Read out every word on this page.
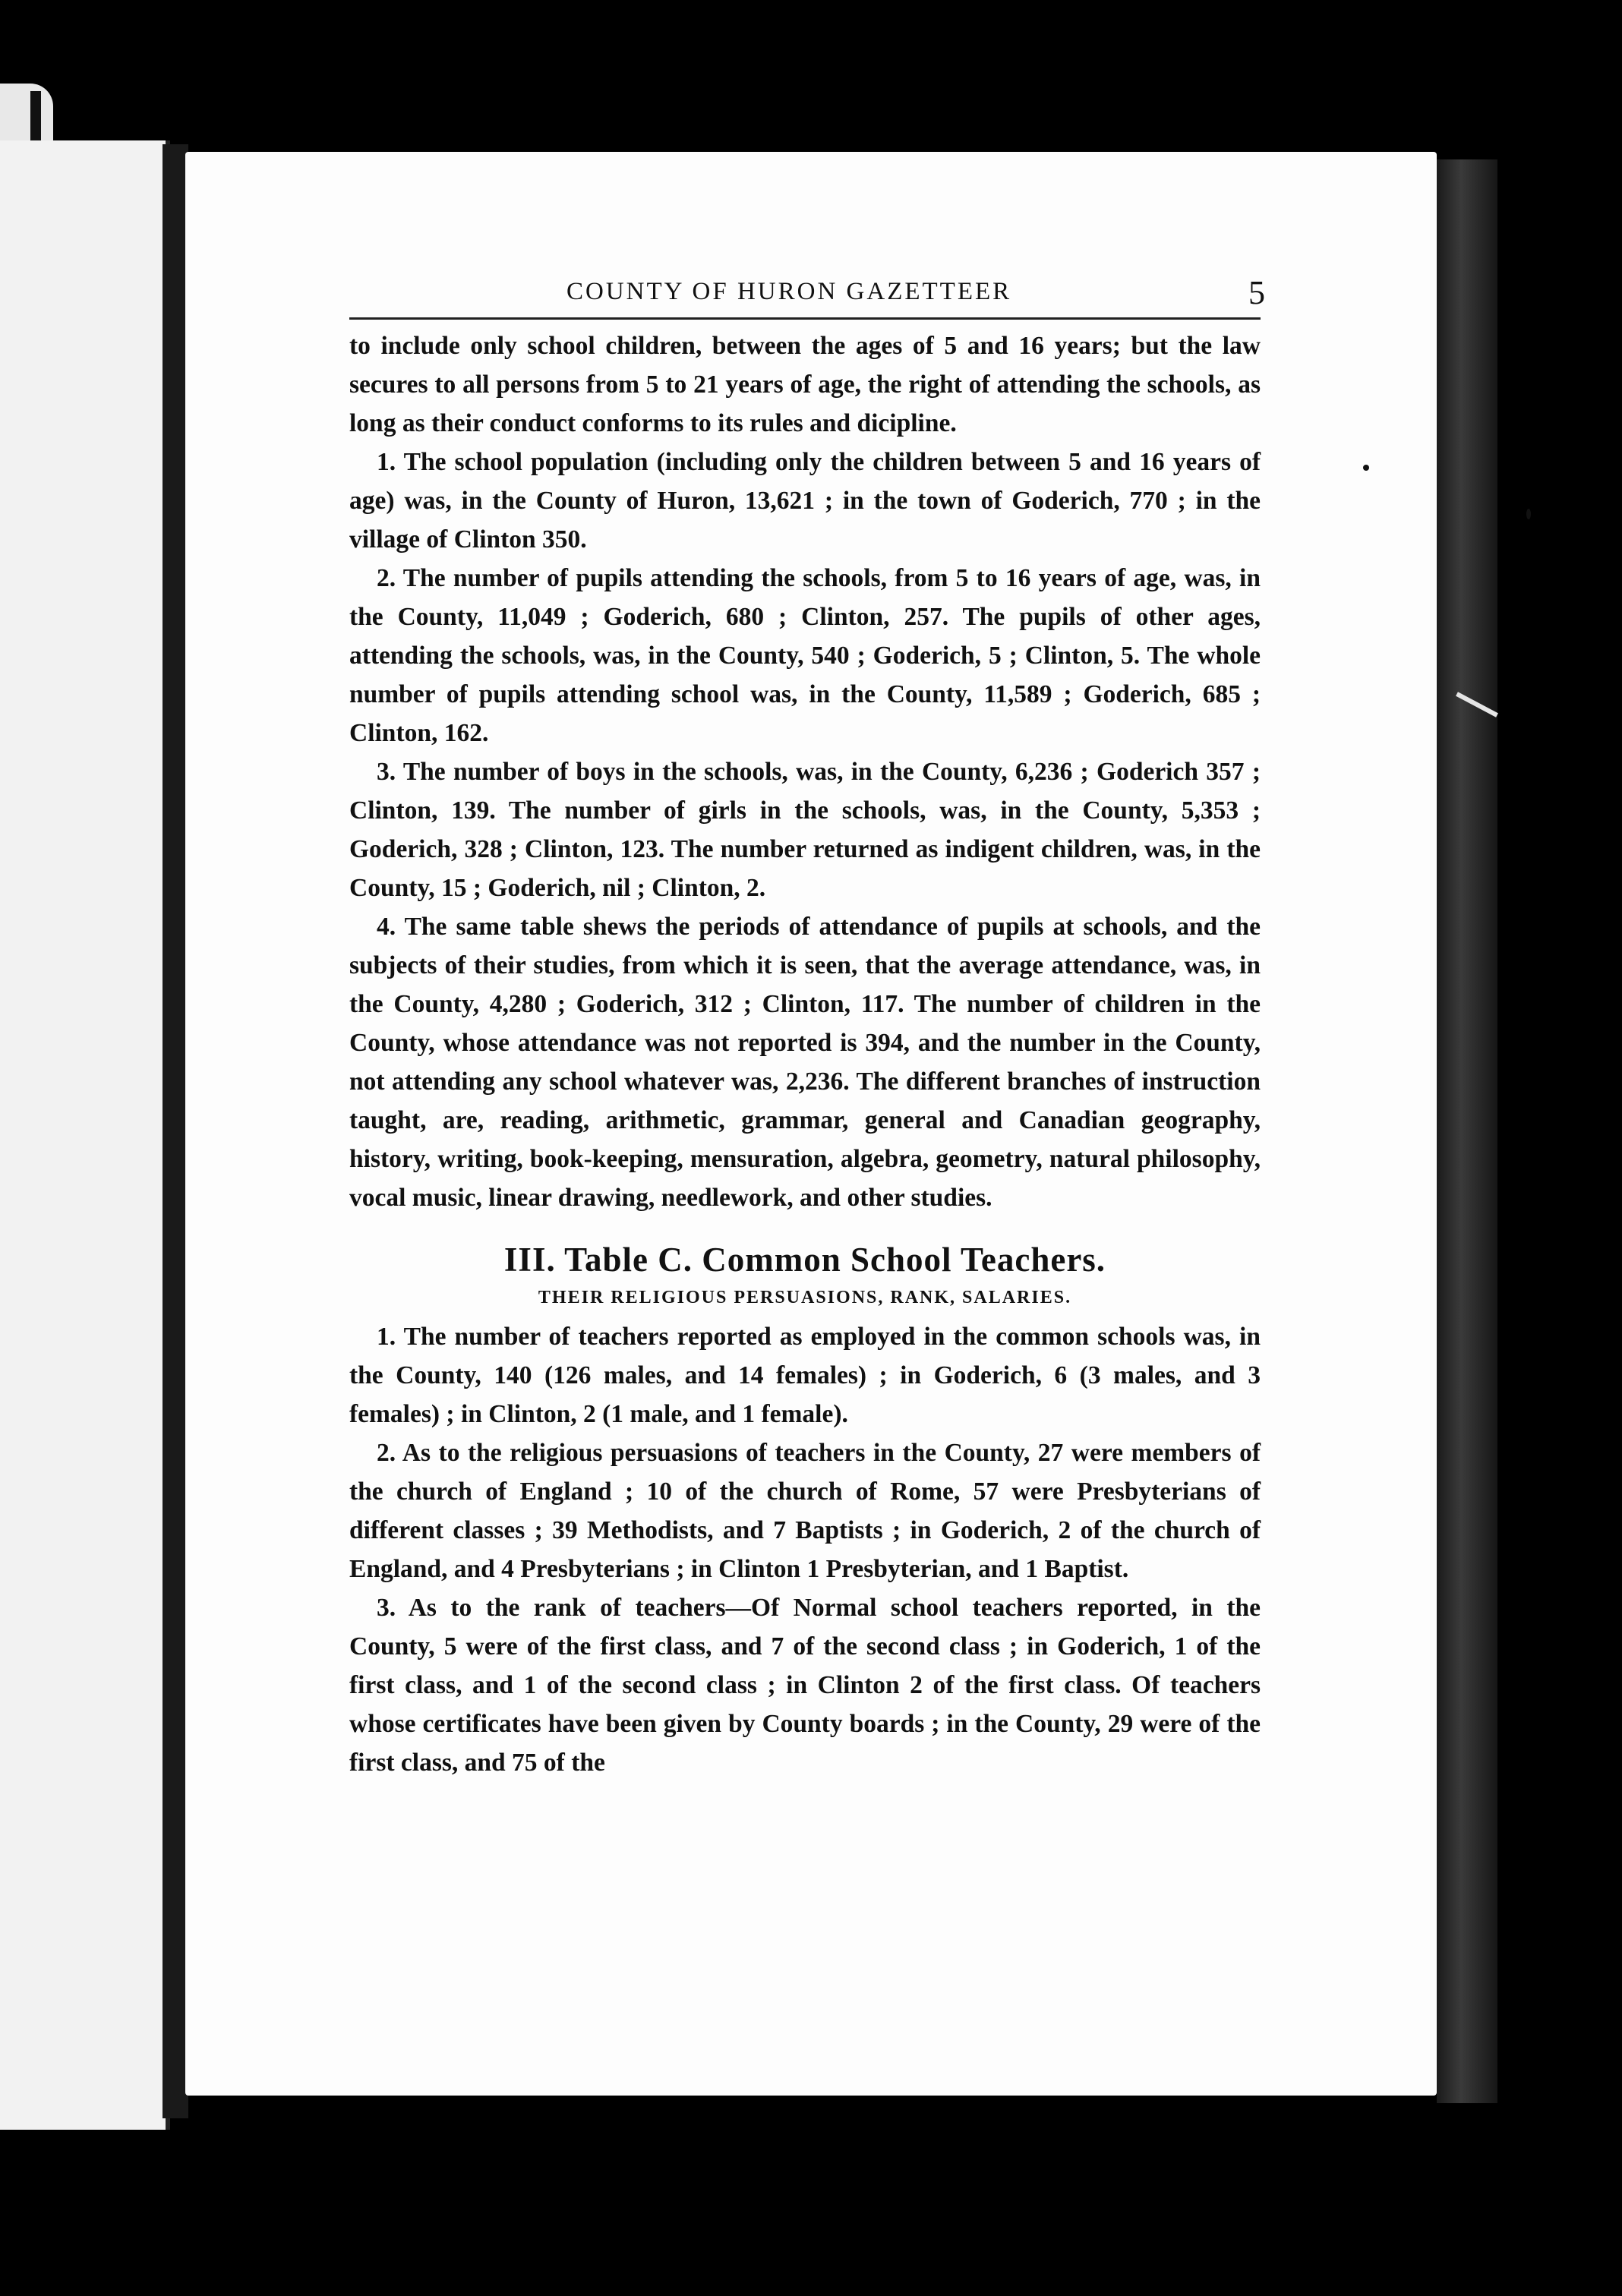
COUNTY OF HURON GAZETTEER	5

to include only school children, between the ages of 5 and 16 years; but the law secures to all persons from 5 to 21 years of age, the right of attending the schools, as long as their conduct conforms to its rules and dicipline.

1. The school population (including only the children between 5 and 16 years of age) was, in the County of Huron, 13,621 ; in the town of Goderich, 770 ; in the village of Clinton 350.

2. The number of pupils attending the schools, from 5 to 16 years of age, was, in the County, 11,049 ; Goderich, 680 ; Clinton, 257. The pupils of other ages, attending the schools, was, in the County, 540 ; Goderich, 5 ; Clinton, 5. The whole number of pupils attending school was, in the County, 11,589 ; Goderich, 685 ; Clinton, 162.

3. The number of boys in the schools, was, in the County, 6,236 ; Goderich 357 ; Clinton, 139. The number of girls in the schools, was, in the County, 5,353 ; Goderich, 328 ; Clinton, 123. The number returned as indigent children, was, in the County, 15 ; Goderich, nil ; Clinton, 2.

4. The same table shews the periods of attendance of pupils at schools, and the subjects of their studies, from which it is seen, that the average attendance, was, in the County, 4,280 ; Goderich, 312 ; Clinton, 117. The number of children in the County, whose attendance was not reported is 394, and the number in the County, not attending any school whatever was, 2,236. The different branches of instruction taught, are, reading, arithmetic, grammar, general and Canadian geography, history, writing, book-keeping, mensuration, algebra, geometry, natural philosophy, vocal music, linear drawing, needlework, and other studies.

III. Table C. Common School Teachers.
THEIR RELIGIOUS PERSUASIONS, RANK, SALARIES.

1. The number of teachers reported as employed in the common schools was, in the County, 140 (126 males, and 14 females) ; in Goderich, 6 (3 males, and 3 females) ; in Clinton, 2 (1 male, and 1 female).

2. As to the religious persuasions of teachers in the County, 27 were members of the church of England ; 10 of the church of Rome, 57 were Presbyterians of different classes ; 39 Methodists, and 7 Baptists ; in Goderich, 2 of the church of England, and 4 Presbyterians ; in Clinton 1 Presbyterian, and 1 Baptist.

3. As to the rank of teachers—Of Normal school teachers reported, in the County, 5 were of the first class, and 7 of the second class ; in Goderich, 1 of the first class, and 1 of the second class ; in Clinton 2 of the first class. Of teachers whose certificates have been given by County boards ; in the County, 29 were of the first class, and 75 of the
